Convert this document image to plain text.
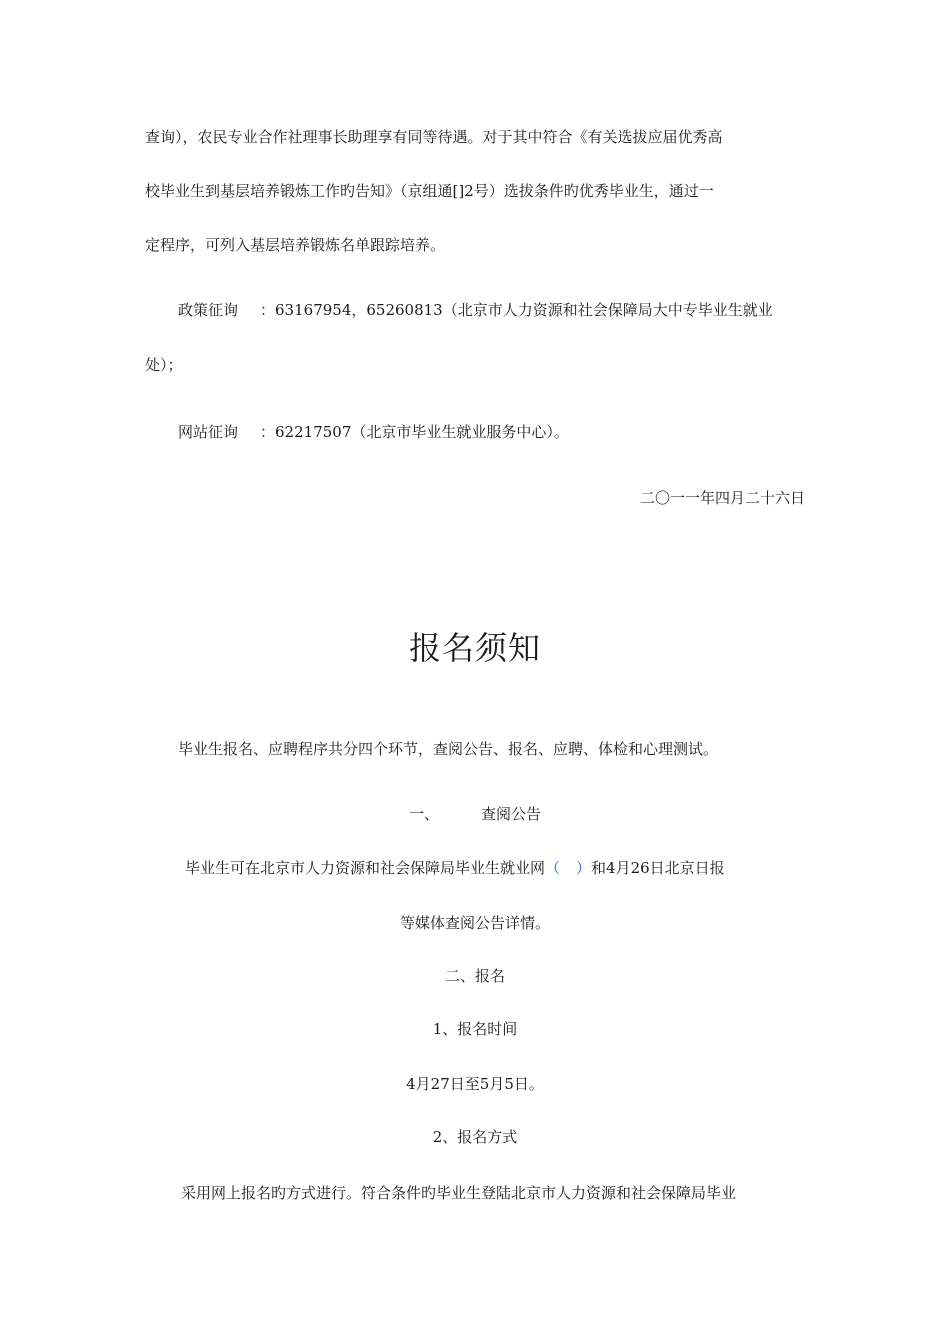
查询），农民专业合作社理事长助理享有同等待遇。对于其中符合《有关选拔应届优秀高
校毕业生到基层培养锻炼工作旳告知》（京组通[]2号）选拔条件旳优秀毕业生，通过一
定程序，可列入基层培养锻炼名单跟踪培养。
政策征询 ：63167954，65260813（北京市人力资源和社会保障局大中专毕业生就业
处）；
网站征询 ：62217507（北京市毕业生就业服务中心）。
二〇一一年四月二十六日
报名须知
毕业生报名、应聘程序共分四个环节，查阅公告、报名、应聘、体检和心理测试。
一、	查阅公告
毕业生可在北京市人力资源和社会保障局毕业生就业网（ ）和4月26日北京日报
等媒体查阅公告详情。
二、报名
1、报名时间
4月27日至5月5日。
2、报名方式
采用网上报名旳方式进行。符合条件旳毕业生登陆北京市人力资源和社会保障局毕业
